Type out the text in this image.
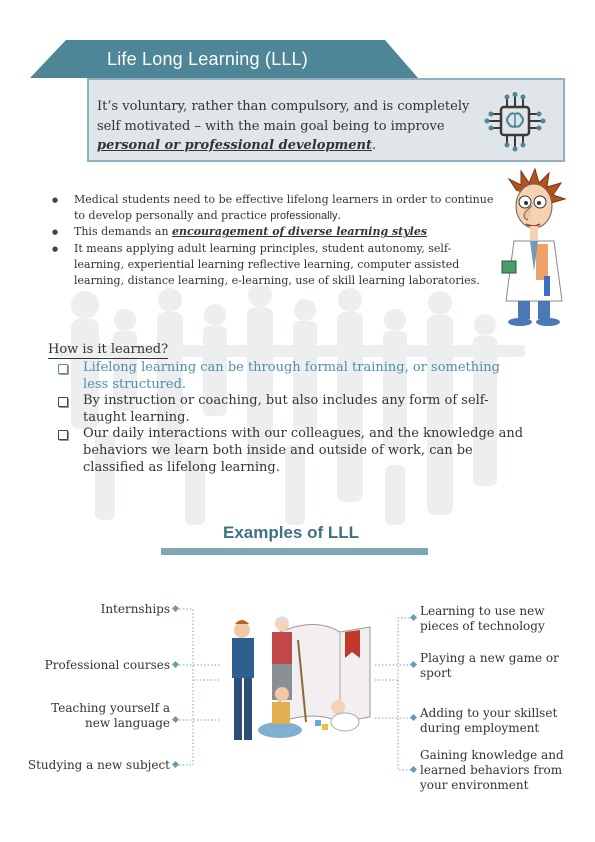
Life Long Learning (LLL)
It’s voluntary, rather than compulsory, and is completely
self motivated – with the main goal being to improve
personal or professional development.
● Medical students need to be effective lifelong learners in order to continue to develop personally and practice professionally.
● This demands an encouragement of diverse learning styles
● It means applying adult learning principles, student autonomy, self-learning, experiential learning reflective learning, computer assisted learning, distance learning, e-learning, use of skill learning laboratories.
How is it learned?
Lifelong learning can be through formal training, or something less structured.
By instruction or coaching, but also includes any form of self-taught learning.
Our daily interactions with our colleagues, and the knowledge and behaviors we learn both inside and outside of work, can be classified as lifelong learning.
Examples of LLL
Internships
Professional courses
Teaching yourself a new language
Studying a new subject
Learning to use new pieces of technology
Playing a new game or sport
Adding to your skillset during employment
Gaining knowledge and learned behaviors from your environment
